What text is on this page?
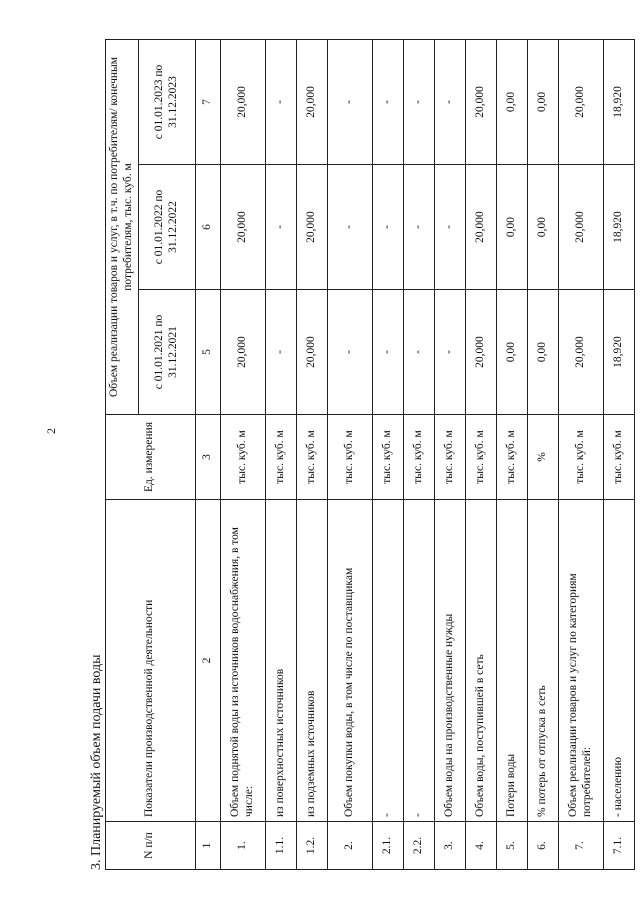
2
3. Планируемый объем подачи воды	N п/п	Показатели производственной деятельности	Ед. измерения	Объем реализации товаров и услуг, в т.ч. по потребителям/ конечным потребителям, тыс. куб. м		
			с 01.01.2021 по 31.12.2021	с 01.01.2022 по 31.12.2022	с 01.01.2023 по 31.12.2023
1	2	3	5	6	7
1.	Объем поднятой воды из источников водоснабжения, в том числе:	тыс. куб. м	20,000	20,000	20,000
1.1.	из поверхностных источников	тыс. куб. м	-	-	-
1.2.	из подземных источников	тыс. куб. м	20,000	20,000	20,000
2.	Объем покупки воды, в том числе по поставщикам	тыс. куб. м	-	-	-
2.1.	-	тыс. куб. м	-	-	-
2.2.	-	тыс. куб. м	-	-	-
3.	Объем воды на производственные нужды	тыс. куб. м	-	-	-
4.	Объем воды, поступившей в сеть	тыс. куб. м	20,000	20,000	20,000
5.	Потери воды	тыс. куб. м	0,00	0,00	0,00
6.	% потерь от отпуска в сеть	%	0,00	0,00	0,00
7.	Объем реализации товаров и услуг по категориям потребителей:	тыс. куб. м	20,000	20,000	20,000
7.1.	- населению	тыс. куб. м	18,920	18,920	18,920
